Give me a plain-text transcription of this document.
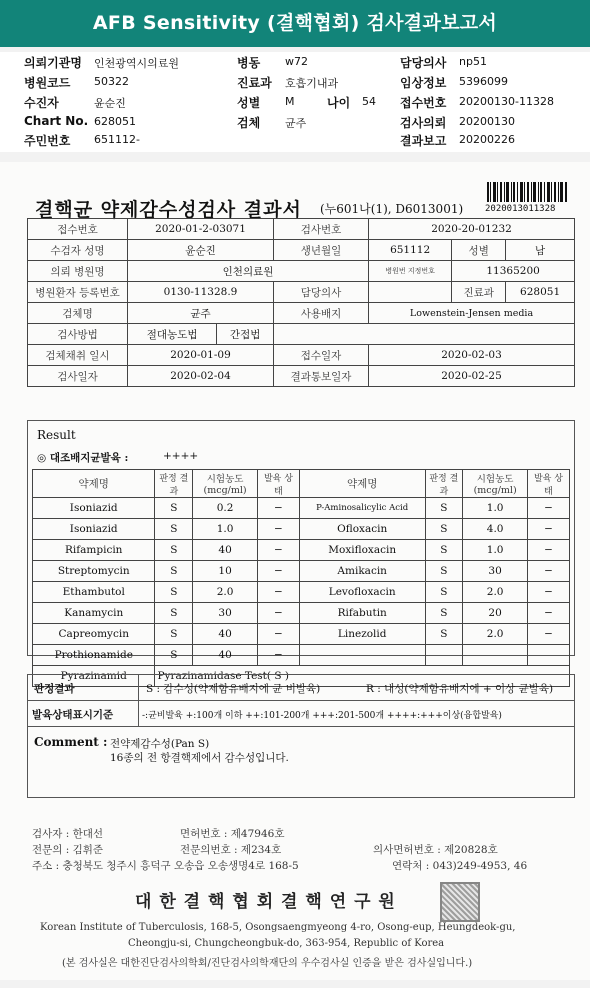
AFB Sensitivity (결핵협회) 검사결과보고서
의뢰기관명 인천광역시의료원
병원코드 50322
수진자	윤순진
Chart No. 628051
주민번호 651112-
병동 w72
진료과 호흡기내과
성별 M	나이 54
검체 균주
담당의사 np51
임상정보 5396099
접수번호 20200130-11328
검사의뢰 20200130
결과보고 20200226
결핵균 약제감수성검사 결과서 (누601나(1), D6013001) 2020013011328
접수번호	2020-01-2-03071		검사번호	2020-20-01232		
수검자 성명	윤순진		생년월일	651112	성별	남
의뢰 병원명	인천의료원			병원번 지정번호	11365200	
병원환자 등록번호	0130-11328.9		담당의사		진료과	628051
검체명	균주		사용배지	Lowenstein-Jensen media		
검사방법	절대농도법	간접법				
검체채취 일시	2020-01-09		접수일자	2020-02-03		
검사일자	2020-02-04		결과통보일자	2020-02-25		
Result
◎ 대조배지균발육 :	++++
약제명	판정 결과	시험농도 (mcg/ml)	발육 상태	약제명	판정 결과	시험농도 (mcg/ml)	발육 상태
Isoniazid	S	0.2	−	P-Aminosalicylic Acid	S	1.0	−
Isoniazid	S	1.0	−	Ofloxacin	S	4.0	−
Rifampicin	S	40	−	Moxifloxacin	S	1.0	−
Streptomycin	S	10	−	Amikacin	S	30	−
Ethambutol	S	2.0	−	Levofloxacin	S	2.0	−
Kanamycin	S	30	−	Rifabutin	S	20	−
Capreomycin	S	40	−	Linezolid	S	2.0	−
Prothionamide	S	40	−				
Pyrazinamid	Pyrazinamidase Test( S )						
판정결과	S : 감수성(약제함유배지에 균 비발육)	R : 내성(약제함유배지에 + 이상 균발육)
발육상태표시기준	-:균비발육 +:100개 이하 ++:101-200개 +++:201-500개 ++++:+++이상(융합발육)
Comment : 전약제감수성(Pan S)
16종의 전 항결핵제에서 감수성입니다.
검사자 : 한대선	면허번호 : 제47946호
전문의 : 김휘준	전문의번호 : 제234호	의사면허번호 : 제20828호
주소 : 충청북도 청주시 흥덕구 오송읍 오송생명4로 168-5	연락처 : 043)249-4953, 46
대 한 결 핵 협 회 결 핵 연 구 원
Korean Institute of Tuberculosis, 168-5, Osongsaengmyeong 4-ro, Osong-eup, Heungdeok-gu,
Cheongju-si, Chungcheongbuk-do, 363-954, Republic of Korea
(본 검사실은 대한진단검사의학회/진단검사의학재단의 우수검사실 인증을 받은 검사실입니다.)
